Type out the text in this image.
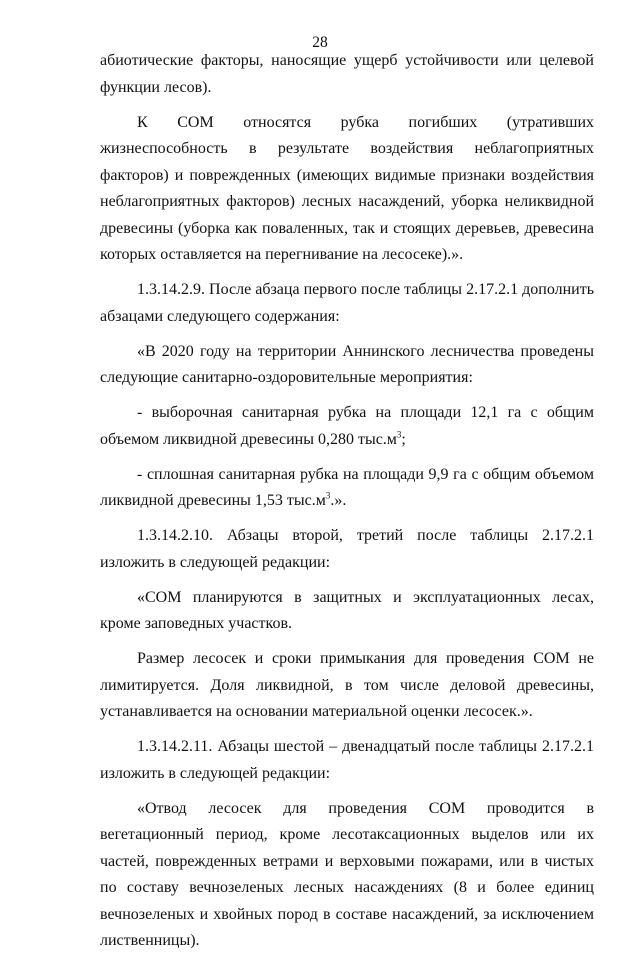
28

абиотические факторы, наносящие ущерб устойчивости или целевой функции лесов).

К СОМ относятся рубка погибших (утративших жизнеспособность в результате воздействия неблагоприятных факторов) и поврежденных (имеющих видимые признаки воздействия неблагоприятных факторов) лесных насаждений, уборка неликвидной древесины (уборка как поваленных, так и стоящих деревьев, древесина которых оставляется на перегнивание на лесосеке).».

1.3.14.2.9. После абзаца первого после таблицы 2.17.2.1 дополнить абзацами следующего содержания:

«В 2020 году на территории Аннинского лесничества проведены следующие санитарно-оздоровительные мероприятия:

- выборочная санитарная рубка на площади 12,1 га с общим объемом ликвидной древесины 0,280 $тыс.м^3$;

- сплошная санитарная рубка на площади 9,9 га с общим объемом ликвидной древесины 1,53 $тыс.м^3$.».

1.3.14.2.10. Абзацы второй, третий после таблицы 2.17.2.1 изложить в следующей редакции:

«СОМ планируются в защитных и эксплуатационных лесах, кроме заповедных участков.

Размер лесосек и сроки примыкания для проведения СОМ не лимитируется. Доля ликвидной, в том числе деловой древесины, устанавливается на основании материальной оценки лесосек.».

1.3.14.2.11. Абзацы шестой – двенадцатый после таблицы 2.17.2.1 изложить в следующей редакции:

«Отвод лесосек для проведения СОМ проводится в вегетационный период, кроме лесотаксационных выделов или их частей, поврежденных ветрами и верховыми пожарами, или в чистых по составу вечнозеленых лесных насаждениях (8 и более единиц вечнозеленых и хвойных пород в составе насаждений, за исключением лиственницы).
